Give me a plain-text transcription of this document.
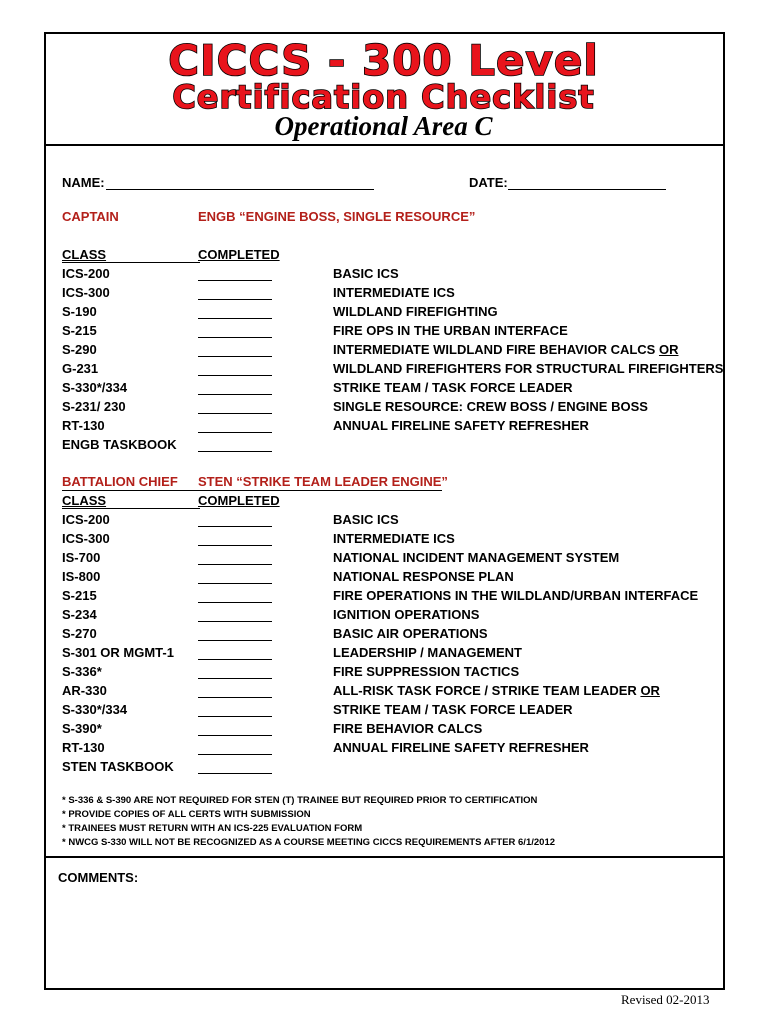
CICCS - 300 Level
Certification Checklist
Operational Area C
NAME:	DATE:
CAPTAIN	ENGB “ENGINE BOSS, SINGLE RESOURCE”
CLASS	COMPLETED
ICS-200	BASIC ICS
ICS-300	INTERMEDIATE ICS
S-190	WILDLAND FIREFIGHTING
S-215	FIRE OPS IN THE URBAN INTERFACE
S-290	INTERMEDIATE WILDLAND FIRE BEHAVIOR CALCS OR
G-231	WILDLAND FIREFIGHTERS FOR STRUCTURAL FIREFIGHTERS
S-330*/334	STRIKE TEAM / TASK FORCE LEADER
S-231/ 230	SINGLE RESOURCE: CREW BOSS / ENGINE BOSS
RT-130	ANNUAL FIRELINE SAFETY REFRESHER
ENGB TASKBOOK
BATTALION CHIEF STEN “STRIKE TEAM LEADER ENGINE”
CLASS	COMPLETED
ICS-200	BASIC ICS
ICS-300	INTERMEDIATE ICS
IS-700	NATIONAL INCIDENT MANAGEMENT SYSTEM
IS-800	NATIONAL RESPONSE PLAN
S-215	FIRE OPERATIONS IN THE WILDLAND/URBAN INTERFACE
S-234	IGNITION OPERATIONS
S-270	BASIC AIR OPERATIONS
S-301 OR MGMT-1	LEADERSHIP / MANAGEMENT
S-336*	FIRE SUPPRESSION TACTICS
AR-330	ALL-RISK TASK FORCE / STRIKE TEAM LEADER OR
S-330*/334	STRIKE TEAM / TASK FORCE LEADER
S-390*	FIRE BEHAVIOR CALCS
RT-130	ANNUAL FIRELINE SAFETY REFRESHER
STEN TASKBOOK
* S-336 & S-390 ARE NOT REQUIRED FOR STEN (T) TRAINEE BUT REQUIRED PRIOR TO CERTIFICATION
* PROVIDE COPIES OF ALL CERTS WITH SUBMISSION
* TRAINEES MUST RETURN WITH AN ICS-225 EVALUATION FORM
* NWCG S-330 WILL NOT BE RECOGNIZED AS A COURSE MEETING CICCS REQUIREMENTS AFTER 6/1/2012
COMMENTS:
Revised 02-2013
